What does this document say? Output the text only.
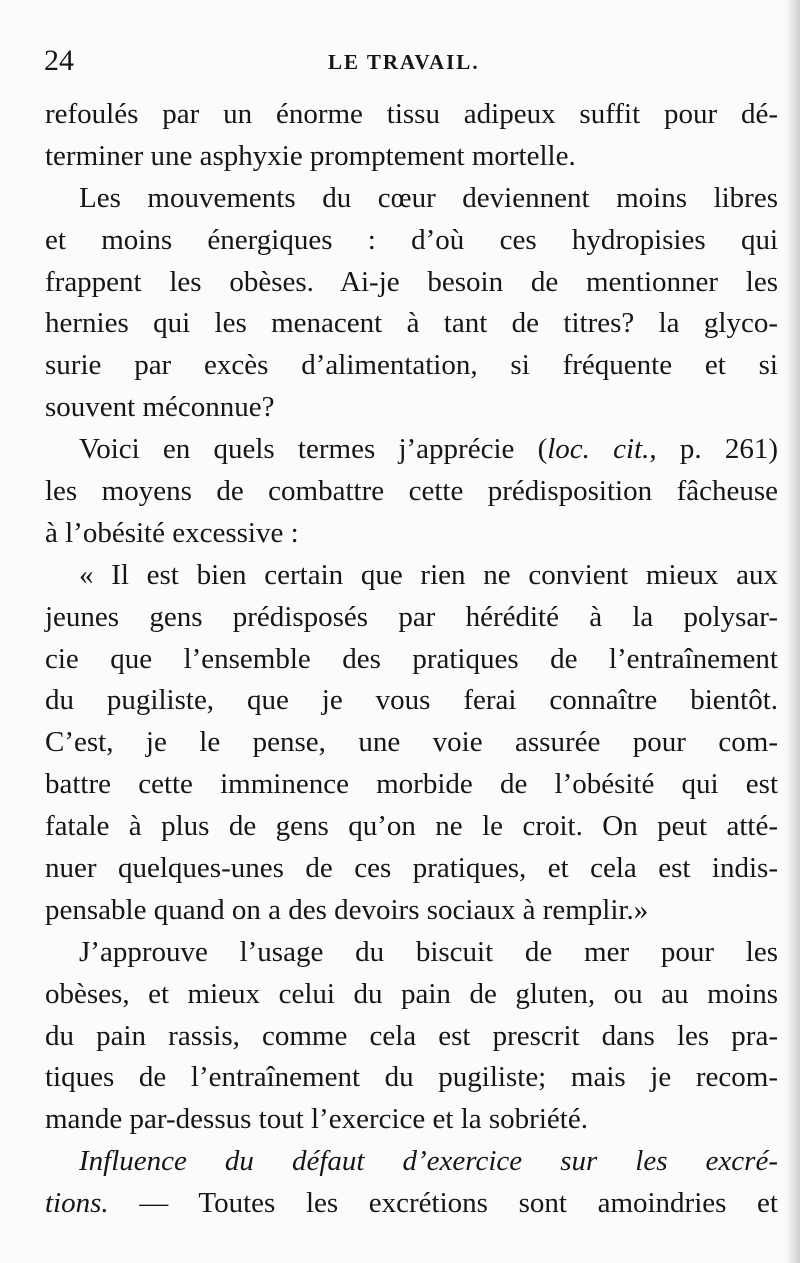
24	LE TRAVAIL.
refoulés par un énorme tissu adipeux suffit pour dé-
terminer une asphyxie promptement mortelle.
Les mouvements du cœur deviennent moins libres
et moins énergiques : d’où ces hydropisies qui
frappent les obèses. Ai-je besoin de mentionner les
hernies qui les menacent à tant de titres? la glyco-
surie par excès d’alimentation, si fréquente et si
souvent méconnue?
Voici en quels termes j’apprécie (loc. cit., p. 261)
les moyens de combattre cette prédisposition fâcheuse
à l’obésité excessive :
« Il est bien certain que rien ne convient mieux aux
jeunes gens prédisposés par hérédité à la polysar-
cie que l’ensemble des pratiques de l’entraînement
du pugiliste, que je vous ferai connaître bientôt.
C’est, je le pense, une voie assurée pour com-
battre cette imminence morbide de l’obésité qui est
fatale à plus de gens qu’on ne le croit. On peut atté-
nuer quelques-unes de ces pratiques, et cela est indis-
pensable quand on a des devoirs sociaux à remplir.»
J’approuve l’usage du biscuit de mer pour les
obèses, et mieux celui du pain de gluten, ou au moins
du pain rassis, comme cela est prescrit dans les pra-
tiques de l’entraînement du pugiliste; mais je recom-
mande par-dessus tout l’exercice et la sobriété.
Influence du défaut d’exercice sur les excré-
tions. — Toutes les excrétions sont amoindries et
